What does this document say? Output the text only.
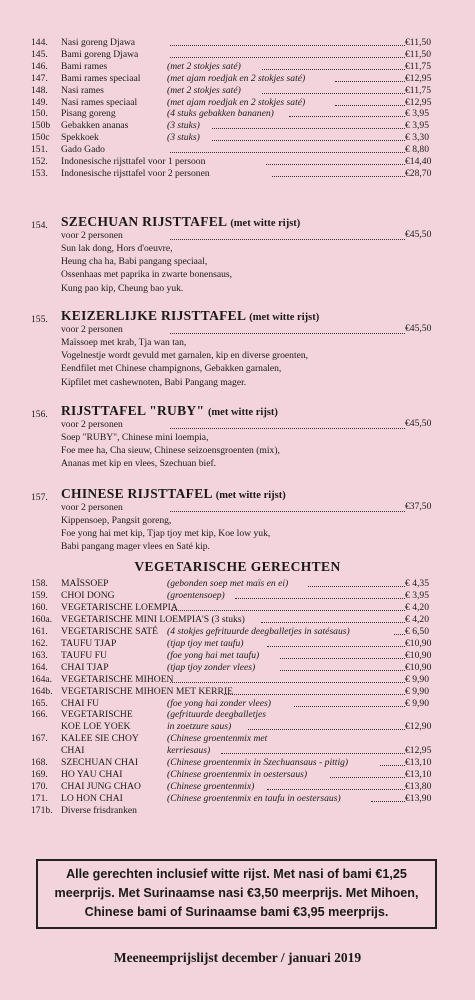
144. Nasi goreng Djawa	€11,50
145. Bami goreng Djawa	€11,50
146. Bami rames	(met 2 stokjes saté)	€11,75
147. Bami rames speciaal	(met ajam roedjak en 2 stokjes saté)	€12,95
148. Nasi rames	(met 2 stokjes saté)	€11,75
149. Nasi rames speciaal	(met ajam roedjak en 2 stokjes saté)	€12,95
150. Pisang goreng	(4 stuks gebakken bananen)	€ 3,95
150b Gebakken ananas	(3 stuks)	€ 3,95
150c Spekkoek	(3 stuks)	€ 3,30
151. Gado Gado	€ 8,80
152. Indonesische rijsttafel voor 1 persoon	€14,40
153. Indonesische rijsttafel voor 2 personen	€28,70
154. SZECHUAN RIJSTTAFEL (met witte rijst)
voor 2 personen	€45,50
Sun lak dong, Hors d'oeuvre,
Heung cha ha, Babi pangang speciaal,
Ossenhaas met paprika in zwarte bonensaus,
Kung pao kip, Cheung bao yuk.
155. KEIZERLIJKE RIJSTTAFEL (met witte rijst)
voor 2 personen	€45,50
Maïssoep met krab, Tja wan tan,
Vogelnestje wordt gevuld met garnalen, kip en diverse groenten,
Eendfilet met Chinese champignons, Gebakken garnalen,
Kipfilet met cashewnoten, Babi Pangang mager.
156. RIJSTTAFEL "RUBY" (met witte rijst)
voor 2 personen	€45,50
Soep "RUBY", Chinese mini loempia,
Foe mee ha, Cha sieuw, Chinese seizoensgroenten (mix),
Ananas met kip en vlees, Szechuan bief.
157. CHINESE RIJSTTAFEL (met witte rijst)
voor 2 personen	€37,50
Kippensoep, Pangsit goreng,
Foe yong hai met kip, Tjap tjoy met kip, Koe low yuk,
Babi pangang mager vlees en Saté kip.
VEGETARISCHE GERECHTEN
158. MAÏSSOEP	(gebonden soep met maïs en ei)	€ 4,35
159. CHOI DONG	(groentensoep)	€ 3,95
160. VEGETARISCHE LOEMPIA	€ 4,20
160a. VEGETARISCHE MINI LOEMPIA'S (3 stuks)	€ 4,20
161. VEGETARISCHE SATÉ (4 stokjes gefrituurde deegballetjes in satésaus)	€ 6,50
162. TAUFU TJAP	(tjap tjoy met taufu)	€10,90
163. TAUFU FU	(foe yong hai met taufu)	€10,90
164. CHAI TJAP	(tjap tjoy zonder vlees)	€10,90
164a. VEGETARISCHE MIHOEN	€ 9,90
164b. VEGETARISCHE MIHOEN MET KERRIE	€ 9,90
165. CHAI FU	(foe yong hai zonder vlees)	€ 9,90
166. VEGETARISCHE	(gefrituurde deegballetjes
KOE LOE YOEK	in zoetzure saus)	€12,90
167. KALEE SIE CHOY	(Chinese groentenmix met
CHAI	kerriesaus)	€12,95
168. SZECHUAN CHAI	(Chinese groentenmix in Szechuansaus - pittig)	€13,10
169. HO YAU CHAI	(Chinese groentenmix in oestersaus)	€13,10
170. CHAI JUNG CHAO	(Chinese groentenmix)	€13,80
171. LO HON CHAI	(Chinese groentenmix en taufu in oestersaus)	€13,90
171b. Diverse frisdranken
Alle gerechten inclusief witte rijst. Met nasi of bami €1,25 meerprijs. Met Surinaamse nasi €3,50 meerprijs. Met Mihoen, Chinese bami of Surinaamse bami €3,95 meerprijs.
Meeneemprijslijst december / januari 2019
